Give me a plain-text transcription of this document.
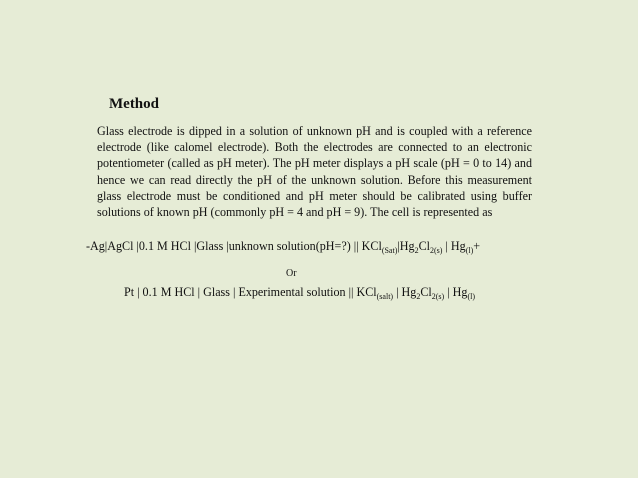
Method
Glass electrode is dipped in a solution of unknown pH and is coupled with a reference electrode (like calomel electrode). Both the electrodes are connected to an electronic potentiometer (called as pH meter). The pH meter displays a pH scale (pH = 0 to 14) and hence we can read directly the pH of the unknown solution. Before this measurement glass electrode must be conditioned and pH meter should be calibrated using buffer solutions of known pH (commonly pH = 4 and pH = 9). The cell is represented as
-Ag|AgCl |0.1 M HCl |Glass |unknown solution(pH=?) || $KCl_{(Sat)}|Hg_2Cl_{2(s)}$ | $Hg_{(l)}+$
Or
Pt | 0.1 M HCl | Glass | Experimental solution || KCl$_{(salt)}$ | $Hg_2Cl_{2(s)}$ | $Hg_{(l)}$
